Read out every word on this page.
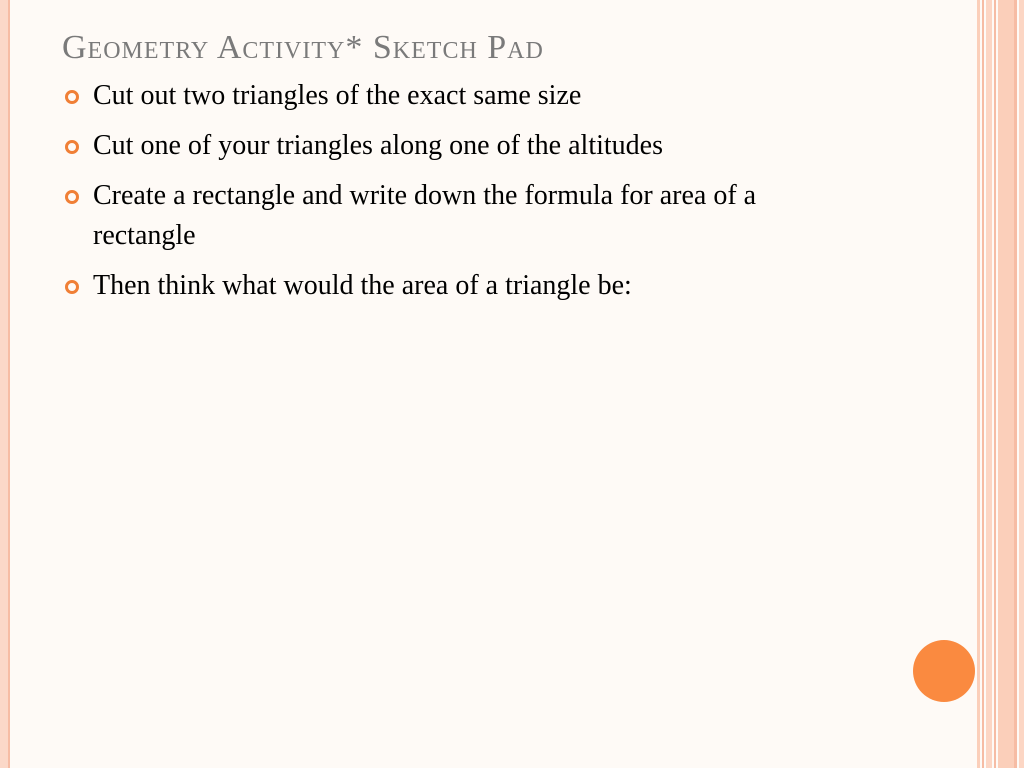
Geometry Activity* Sketch Pad
Cut out two triangles of the exact same size
Cut one of your triangles along one of the altitudes
Create a rectangle and write down the formula for area of a rectangle
Then think what would the area of a triangle be:
